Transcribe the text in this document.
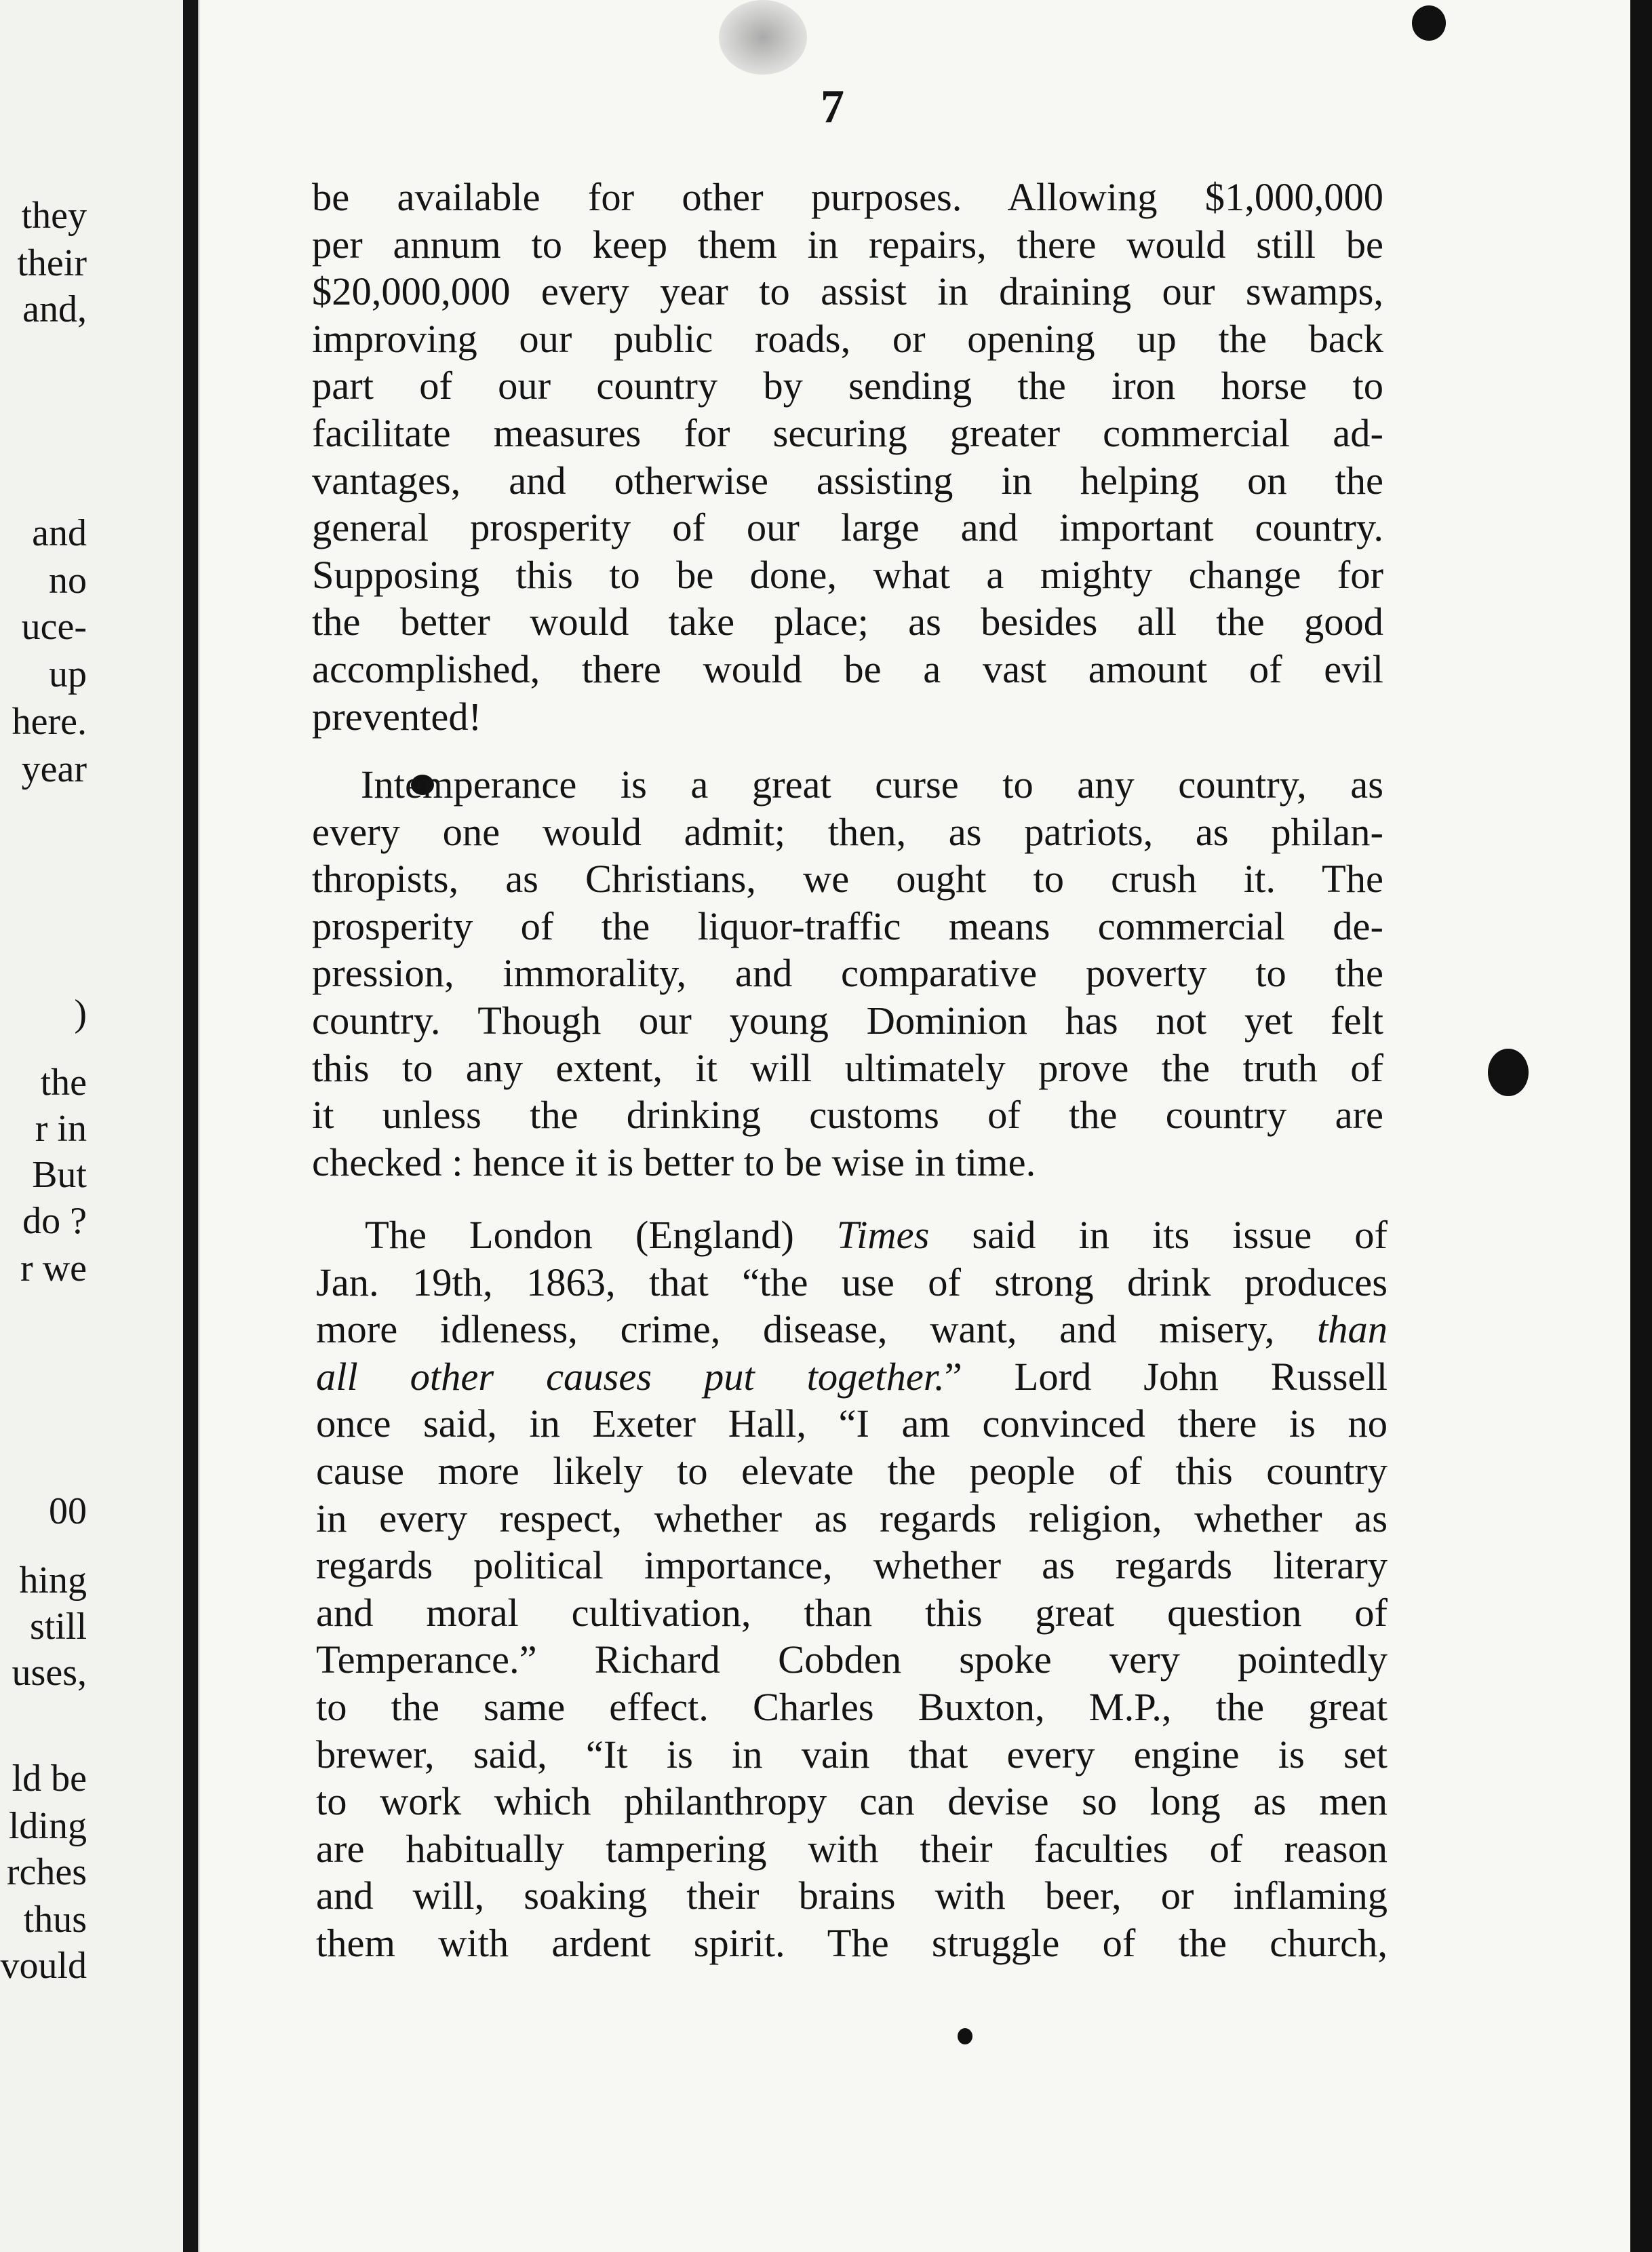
they
their
and,
and
no
uce-
up
here.
year
)
the
r in
But
do ?
r we
00
hing
still
uses,
ld be
lding
rches
thus
vould
7
be available for other purposes. Allowing $1,000,000
per annum to keep them in repairs, there would still be
$20,000,000 every year to assist in draining our swamps,
improving our public roads, or opening up the back
part of our country by sending the iron horse to
facilitate measures for securing greater commercial ad-
vantages, and otherwise assisting in helping on the
general prosperity of our large and important country.
Supposing this to be done, what a mighty change for
the better would take place; as besides all the good
accomplished, there would be a vast amount of evil
prevented!
Intemperance is a great curse to any country, as
every one would admit; then, as patriots, as philan-
thropists, as Christians, we ought to crush it. The
prosperity of the liquor-traffic means commercial de-
pression, immorality, and comparative poverty to the
country. Though our young Dominion has not yet felt
this to any extent, it will ultimately prove the truth of
it unless the drinking customs of the country are
checked : hence it is better to be wise in time.
The London (England) Times said in its issue of
Jan. 19th, 1863, that “the use of strong drink produces
more idleness, crime, disease, want, and misery, than
all other causes put together.” Lord John Russell
once said, in Exeter Hall, “I am convinced there is no
cause more likely to elevate the people of this country
in every respect, whether as regards religion, whether as
regards political importance, whether as regards literary
and moral cultivation, than this great question of
Temperance.” Richard Cobden spoke very pointedly
to the same effect. Charles Buxton, M.P., the great
brewer, said, “It is in vain that every engine is set
to work which philanthropy can devise so long as men
are habitually tampering with their faculties of reason
and will, soaking their brains with beer, or inflaming
them with ardent spirit. The struggle of the church,
